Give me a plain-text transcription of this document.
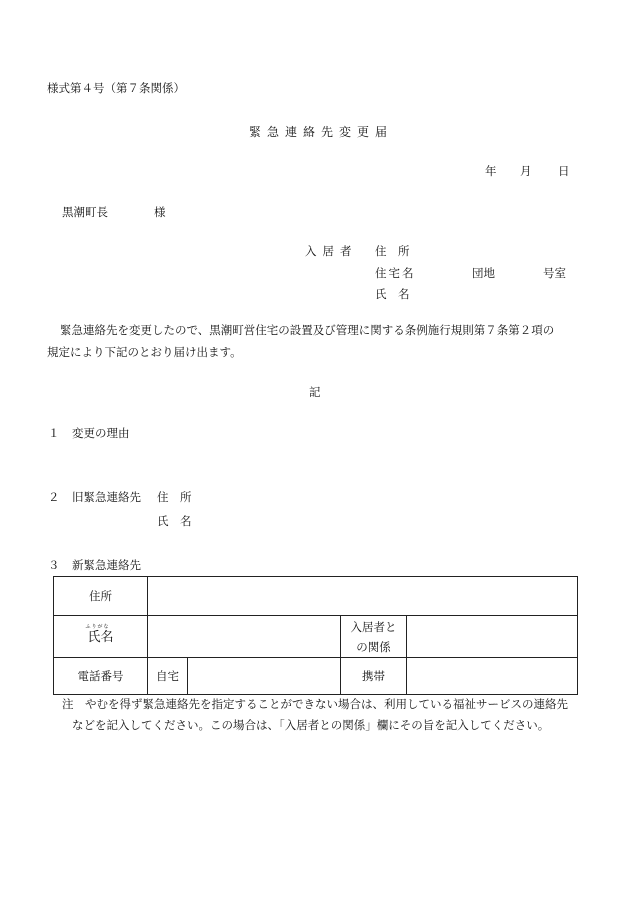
様式第４号（第７条関係）
緊急連絡先変更届
年 月 日
黒潮町長	様
入居者 住　所
住宅名	団地	号室
氏　名
緊急連絡先を変更したので、黒潮町営住宅の設置及び管理に関する条例施行規則第７条第２項の
規定により下記のとおり届け出ます。
記
１ 変更の理由
２ 旧緊急連絡先 住　所
氏　名
３ 新緊急連絡先
住所				

ふりがな
氏名			入居者と
の関係	
電話番号	自宅		携帯	
注　やむを得ず緊急連絡先を指定することができない場合は、利用している福祉サービスの連絡先
などを記入してください。この場合は、「入居者との関係」欄にその旨を記入してください。
